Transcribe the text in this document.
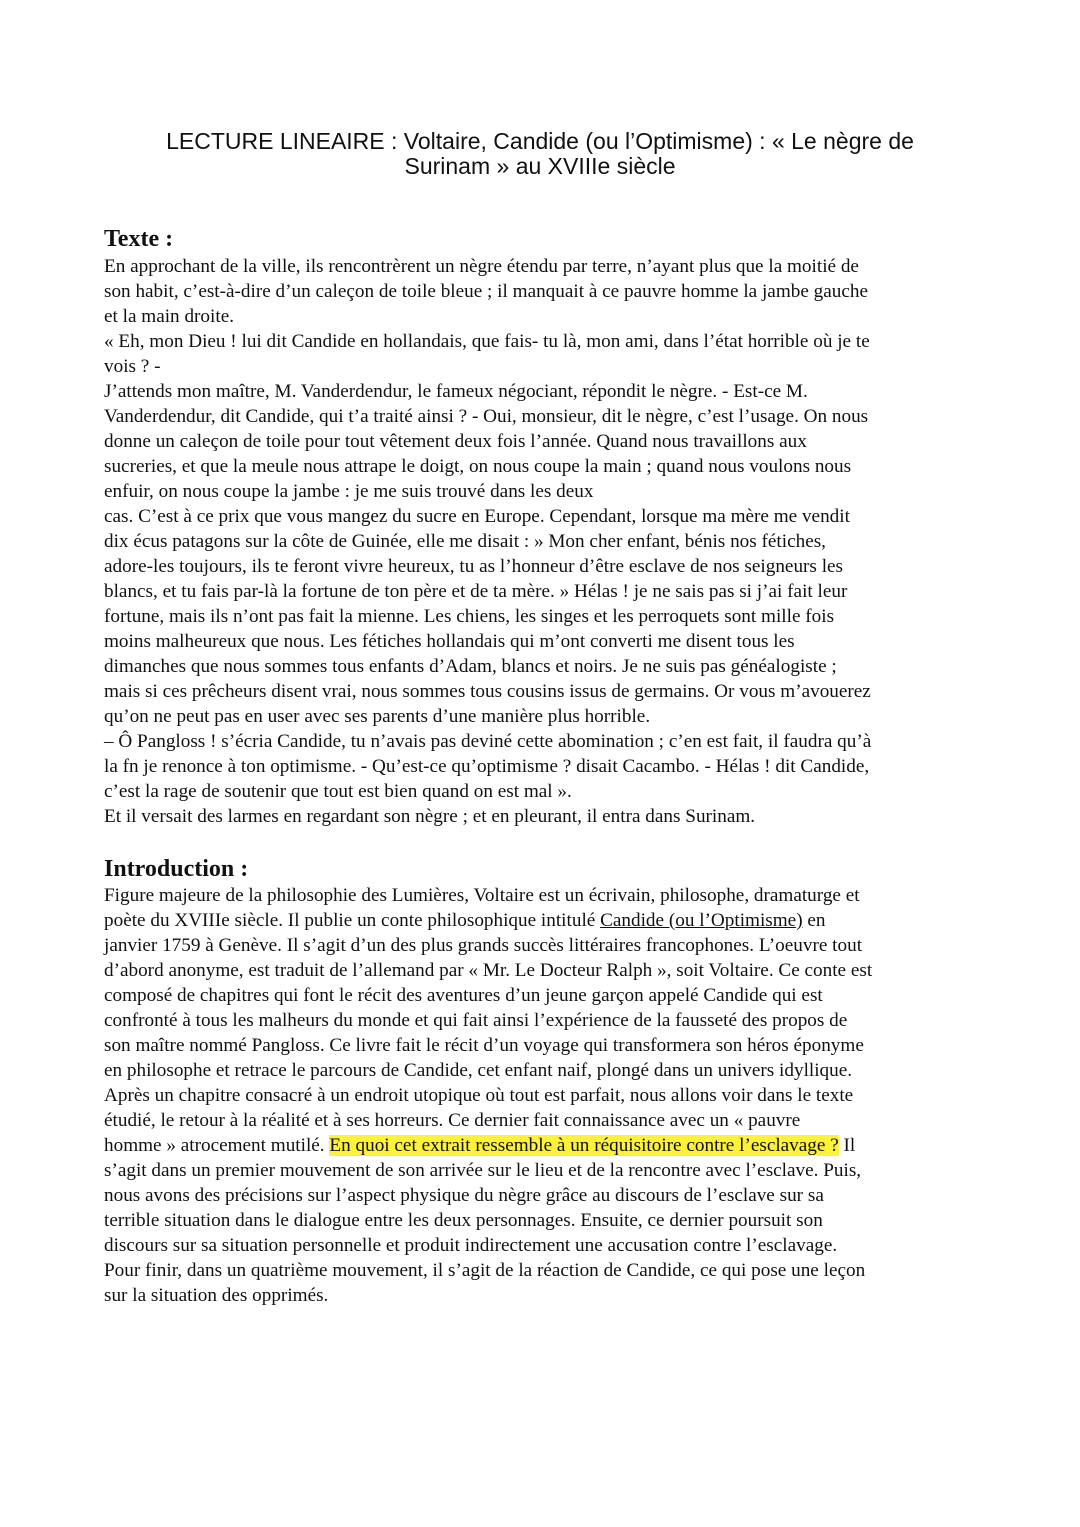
LECTURE LINEAIRE : Voltaire, Candide (ou l’Optimisme) : « Le nègre de
Surinam » au XVIIIe siècle
Texte :
En approchant de la ville, ils rencontrèrent un nègre étendu par terre, n’ayant plus que la moitié de
son habit, c’est-à-dire d’un caleçon de toile bleue ; il manquait à ce pauvre homme la jambe gauche
et la main droite.
« Eh, mon Dieu ! lui dit Candide en hollandais, que fais- tu là, mon ami, dans l’état horrible où je te
vois ? -
J’attends mon maître, M. Vanderdendur, le fameux négociant, répondit le nègre. - Est-ce M.
Vanderdendur, dit Candide, qui t’a traité ainsi ? - Oui, monsieur, dit le nègre, c’est l’usage. On nous
donne un caleçon de toile pour tout vêtement deux fois l’année. Quand nous travaillons aux
sucreries, et que la meule nous attrape le doigt, on nous coupe la main ; quand nous voulons nous
enfuir, on nous coupe la jambe : je me suis trouvé dans les deux
cas. C’est à ce prix que vous mangez du sucre en Europe. Cependant, lorsque ma mère me vendit
dix écus patagons sur la côte de Guinée, elle me disait : » Mon cher enfant, bénis nos fétiches,
adore-les toujours, ils te feront vivre heureux, tu as l’honneur d’être esclave de nos seigneurs les
blancs, et tu fais par-là la fortune de ton père et de ta mère. » Hélas ! je ne sais pas si j’ai fait leur
fortune, mais ils n’ont pas fait la mienne. Les chiens, les singes et les perroquets sont mille fois
moins malheureux que nous. Les fétiches hollandais qui m’ont converti me disent tous les
dimanches que nous sommes tous enfants d’Adam, blancs et noirs. Je ne suis pas généalogiste ;
mais si ces prêcheurs disent vrai, nous sommes tous cousins issus de germains. Or vous m’avouerez
qu’on ne peut pas en user avec ses parents d’une manière plus horrible.
– Ô Pangloss ! s’écria Candide, tu n’avais pas deviné cette abomination ; c’en est fait, il faudra qu’à
la fn je renonce à ton optimisme. - Qu’est-ce qu’optimisme ? disait Cacambo. - Hélas ! dit Candide,
c’est la rage de soutenir que tout est bien quand on est mal ».
Et il versait des larmes en regardant son nègre ; et en pleurant, il entra dans Surinam.
Introduction :
Figure majeure de la philosophie des Lumières, Voltaire est un écrivain, philosophe, dramaturge et
poète du XVIIIe siècle. Il publie un conte philosophique intitulé Candide (ou l’Optimisme) en
janvier 1759 à Genève. Il s’agit d’un des plus grands succès littéraires francophones. L’oeuvre tout
d’abord anonyme, est traduit de l’allemand par « Mr. Le Docteur Ralph », soit Voltaire. Ce conte est
composé de chapitres qui font le récit des aventures d’un jeune garçon appelé Candide qui est
confronté à tous les malheurs du monde et qui fait ainsi l’expérience de la fausseté des propos de
son maître nommé Pangloss. Ce livre fait le récit d’un voyage qui transformera son héros éponyme
en philosophe et retrace le parcours de Candide, cet enfant naif, plongé dans un univers idyllique.
Après un chapitre consacré à un endroit utopique où tout est parfait, nous allons voir dans le texte
étudié, le retour à la réalité et à ses horreurs. Ce dernier fait connaissance avec un « pauvre
homme » atrocement mutilé. En quoi cet extrait ressemble à un réquisitoire contre l’esclavage ? Il
s’agit dans un premier mouvement de son arrivée sur le lieu et de la rencontre avec l’esclave. Puis,
nous avons des précisions sur l’aspect physique du nègre grâce au discours de l’esclave sur sa
terrible situation dans le dialogue entre les deux personnages. Ensuite, ce dernier poursuit son
discours sur sa situation personnelle et produit indirectement une accusation contre l’esclavage.
Pour finir, dans un quatrième mouvement, il s’agit de la réaction de Candide, ce qui pose une leçon
sur la situation des opprimés.
